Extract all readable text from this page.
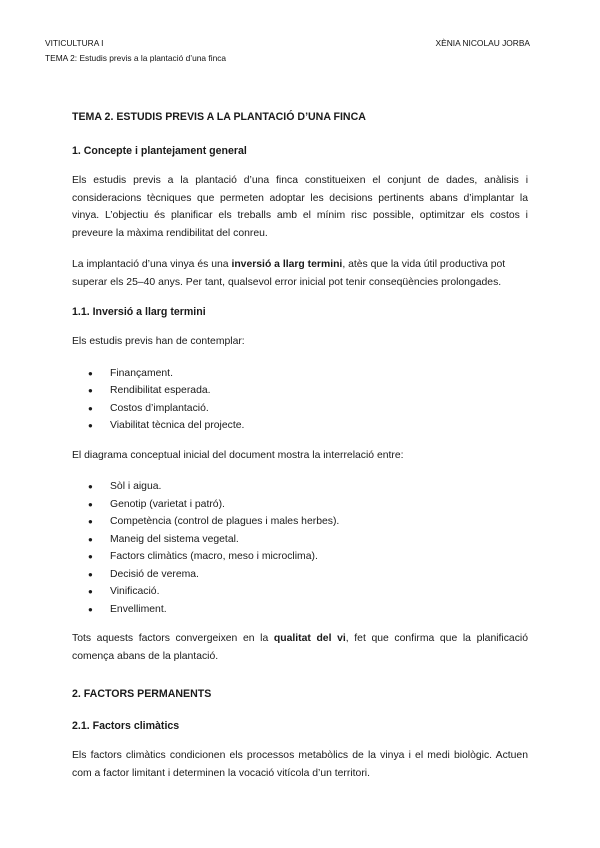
VITICULTURA I
TEMA 2: Estudis previs a la plantació d’una finca
XÈNIA NICOLAU JORBA
TEMA 2. ESTUDIS PREVIS A LA PLANTACIÓ D’UNA FINCA
1. Concepte i plantejament general
Els estudis previs a la plantació d’una finca constitueixen el conjunt de dades, anàlisis i consideracions tècniques que permeten adoptar les decisions pertinents abans d’implantar la vinya. L’objectiu és planificar els treballs amb el mínim risc possible, optimitzar els costos i preveure la màxima rendibilitat del conreu.
La implantació d’una vinya és una inversió a llarg termini, atès que la vida útil productiva pot superar els 25–40 anys. Per tant, qualsevol error inicial pot tenir conseqüències prolongades.
1.1. Inversió a llarg termini
Els estudis previs han de contemplar:
● Finançament.
● Rendibilitat esperada.
● Costos d’implantació.
● Viabilitat tècnica del projecte.
El diagrama conceptual inicial del document mostra la interrelació entre:
● Sòl i aigua.
● Genotip (varietat i patró).
● Competència (control de plagues i males herbes).
● Maneig del sistema vegetal.
● Factors climàtics (macro, meso i microclima).
● Decisió de verema.
● Vinificació.
● Envelliment.
Tots aquests factors convergeixen en la qualitat del vi, fet que confirma que la planificació comença abans de la plantació.
2. FACTORS PERMANENTS
2.1. Factors climàtics
Els factors climàtics condicionen els processos metabòlics de la vinya i el medi biològic. Actuen com a factor limitant i determinen la vocació vitícola d’un territori.
